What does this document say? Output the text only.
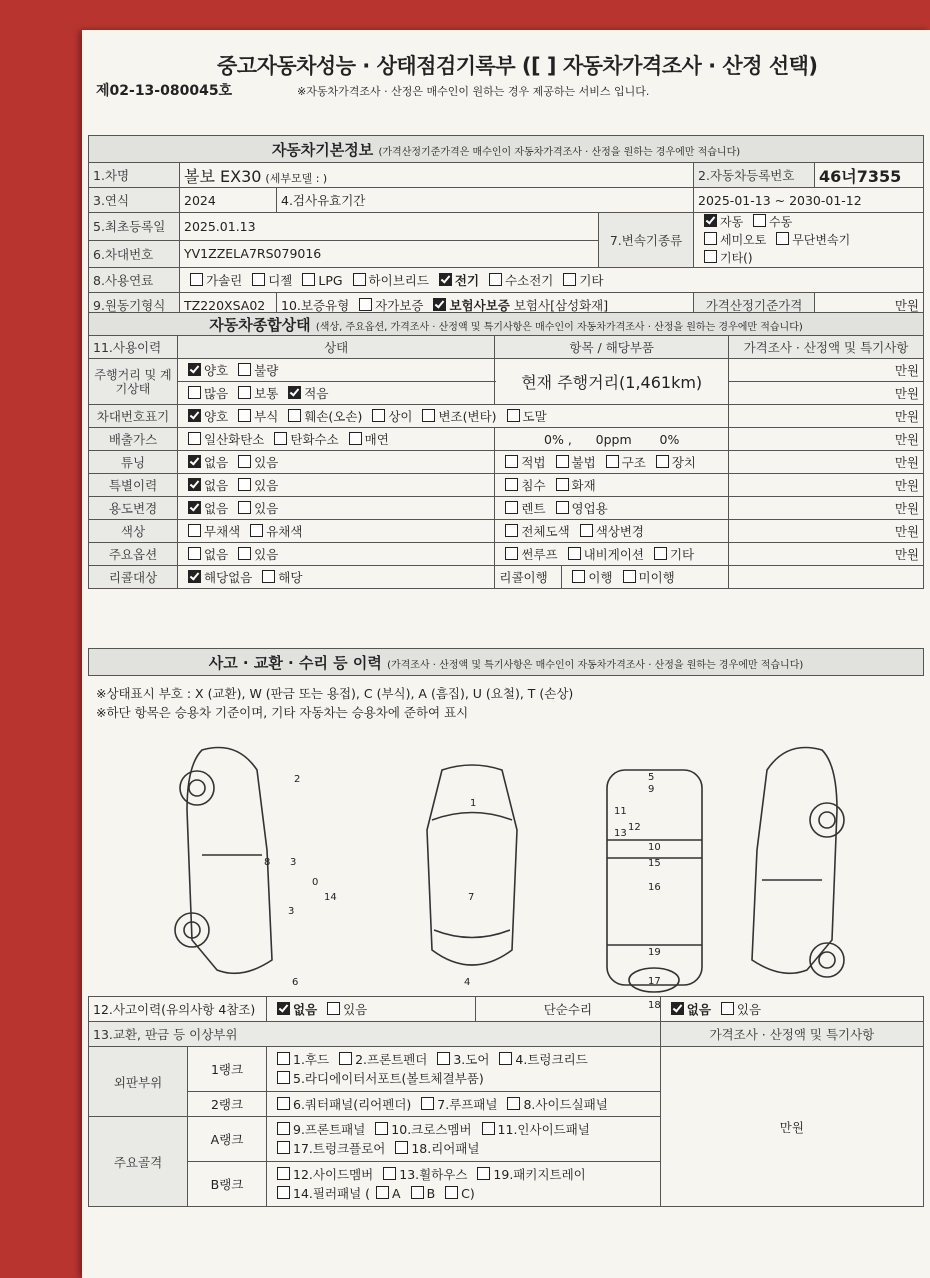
중고자동차성능 · 상태점검기록부 ([ ] 자동차가격조사 · 산정 선택)
제02-13-080045호	※자동차가격조사 · 산정은 매수인이 원하는 경우 제공하는 서비스 입니다.
자동차기본정보 (가격산정기준가격은 매수인이 자동차가격조사 · 산정을 원하는 경우에만 적습니다)					
1.차명	볼보 EX30 (세부모델 : )			2.자동차등록번호	46너7355
3.연식	2024	4.검사유효기간		2025-01-13 ~ 2030-01-12	
5.최초등록일	2025.01.13		7.변속기종류	자동 수동
세미오토 무단변속기
기타()	
6.차대번호	YV1ZZELA7RS079016				
8.사용연료	가솔린 디젤 LPG 하이브리드 전기 수소전기 기타				
9.원동기형식	TZ220XSA02	10.보증유형 자가보증 보험사보증 보험사[삼성화재]		가격산정기준가격	만원
자동차종합상태 (색상, 주요옵션, 가격조사 · 산정액 및 특기사항은 매수인이 자동차가격조사 · 산정을 원하는 경우에만 적습니다)				
11.사용이력	상태	항목 / 해당부품		가격조사 · 산정액 및 특기사항
주행거리 및 계기상태	양호 불량	현재 주행거리(1,461km)		만원
	많음 보통 적음			만원
차대번호표기	양호 부식 훼손(오손) 상이 변조(변타) 도말			만원
배출가스	일산화탄소 탄화수소 매연	0% ,      0ppm 0%		만원
튜닝	없음 있음	적법 불법 구조 장치		만원
특별이력	없음 있음	침수 화재		만원
용도변경	없음 있음	렌트 영업용		만원
색상	무채색 유채색	전체도색 색상변경		만원
주요옵션	없음 있음	썬루프 내비게이션 기타		만원
리콜대상	해당없음 해당	리콜이행	이행 미이행	
사고 · 교환 · 수리 등 이력 (가격조사 · 산정액 및 특기사항은 매수인이 자동차가격조사 · 산정을 원하는 경우에만 적습니다)
※상태표시 부호 : X (교환), W (판금 또는 용접), C (부식), A (흠집), U (요철), T (손상)
※하단 항목은 승용차 기준이며, 기타 자동차는 승용차에 준하여 표시
2
8 3
0
14
3
6
1
7
4
5
9
11
13
12
10
15
16
19
17
18
12.사고이력(유의사항 4참조)		없음 있음	단순수리	없음 있음
13.교환, 판금 등 이상부위				가격조사 · 산정액 및 특기사항
외판부위	1랭크	1.후드 2.프론트펜더 3.도어 4.트렁크리드
5.라디에이터서포트(볼트체결부품)		만원
	2랭크	6.쿼터패널(리어펜더) 7.루프패널 8.사이드실패널		
주요골격	A랭크	9.프론트패널 10.크로스멤버 11.인사이드패널
17.트렁크플로어 18.리어패널		
	B랭크	12.사이드멤버 13.휠하우스 19.패키지트레이
14.필러패널 ( A B C)		
